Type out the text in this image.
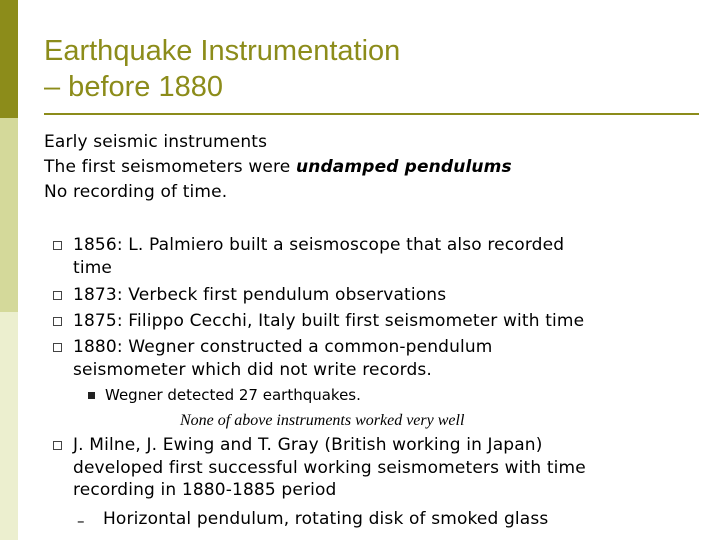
Earthquake Instrumentation
– before 1880
Early seismic instruments
The first seismometers were undamped pendulums
No recording of time.
1856: L. Palmiero built a seismoscope that also recorded
time
1873: Verbeck first pendulum observations
1875: Filippo Cecchi, Italy built first seismometer with time
1880: Wegner constructed a common-pendulum
seismometer which did not write records.
Wegner detected 27 earthquakes.
None of above instruments worked very well
J. Milne, J. Ewing and T. Gray (British working in Japan)
developed first successful working seismometers with time
recording in 1880-1885 period
– Horizontal pendulum, rotating disk of smoked glass
